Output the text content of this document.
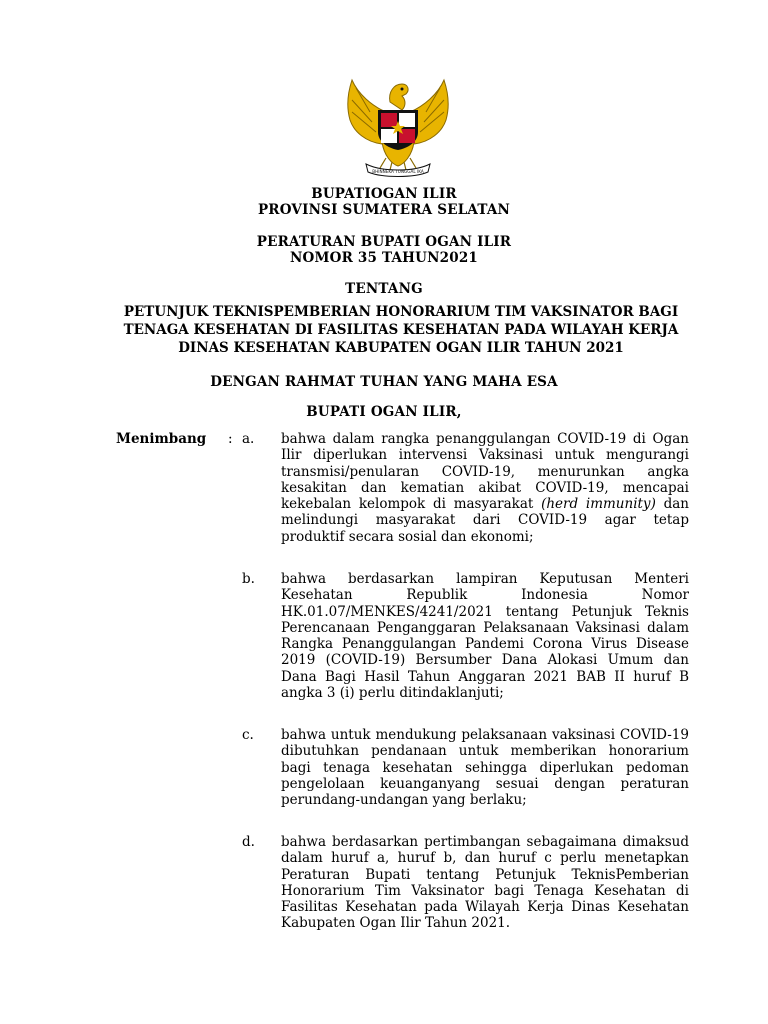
BHINNEKA TUNGGAL IKA
BUPATIOGAN ILIR
PROVINSI SUMATERA SELATAN
PERATURAN BUPATI OGAN ILIR
NOMOR 35 TAHUN2021
TENTANG
PETUNJUK TEKNISPEMBERIAN HONORARIUM TIM VAKSINATOR BAGI TENAGA KESEHATAN DI FASILITAS KESEHATAN PADA WILAYAH KERJA DINAS KESEHATAN KABUPATEN OGAN ILIR TAHUN 2021
DENGAN RAHMAT TUHAN YANG MAHA ESA
BUPATI OGAN ILIR,
Menimbang : a. bahwa dalam rangka penanggulangan COVID-19 di Ogan Ilir diperlukan intervensi Vaksinasi untuk mengurangi transmisi/penularan COVID-19, menurunkan angka kesakitan dan kematian akibat COVID-19, mencapai kekebalan kelompok di masyarakat (herd immunity) dan melindungi masyarakat dari COVID-19 agar tetap produktif secara sosial dan ekonomi;

b. bahwa berdasarkan lampiran Keputusan Menteri Kesehatan Republik Indonesia Nomor HK.01.07/MENKES/4241/2021 tentang Petunjuk Teknis Perencanaan Penganggaran Pelaksanaan Vaksinasi dalam Rangka Penanggulangan Pandemi Corona Virus Disease 2019 (COVID-19) Bersumber Dana Alokasi Umum dan Dana Bagi Hasil Tahun Anggaran 2021 BAB II huruf B angka 3 (i) perlu ditindaklanjuti;

c. bahwa untuk mendukung pelaksanaan vaksinasi COVID-19 dibutuhkan pendanaan untuk memberikan honorarium bagi tenaga kesehatan sehingga diperlukan pedoman pengelolaan keuanganyang sesuai dengan peraturan perundang-undangan yang berlaku;

d. bahwa berdasarkan pertimbangan sebagaimana dimaksud dalam huruf a, huruf b, dan huruf c perlu menetapkan Peraturan Bupati tentang Petunjuk TeknisPemberian Honorarium Tim Vaksinator bagi Tenaga Kesehatan di Fasilitas Kesehatan pada Wilayah Kerja Dinas Kesehatan Kabupaten Ogan Ilir Tahun 2021.
